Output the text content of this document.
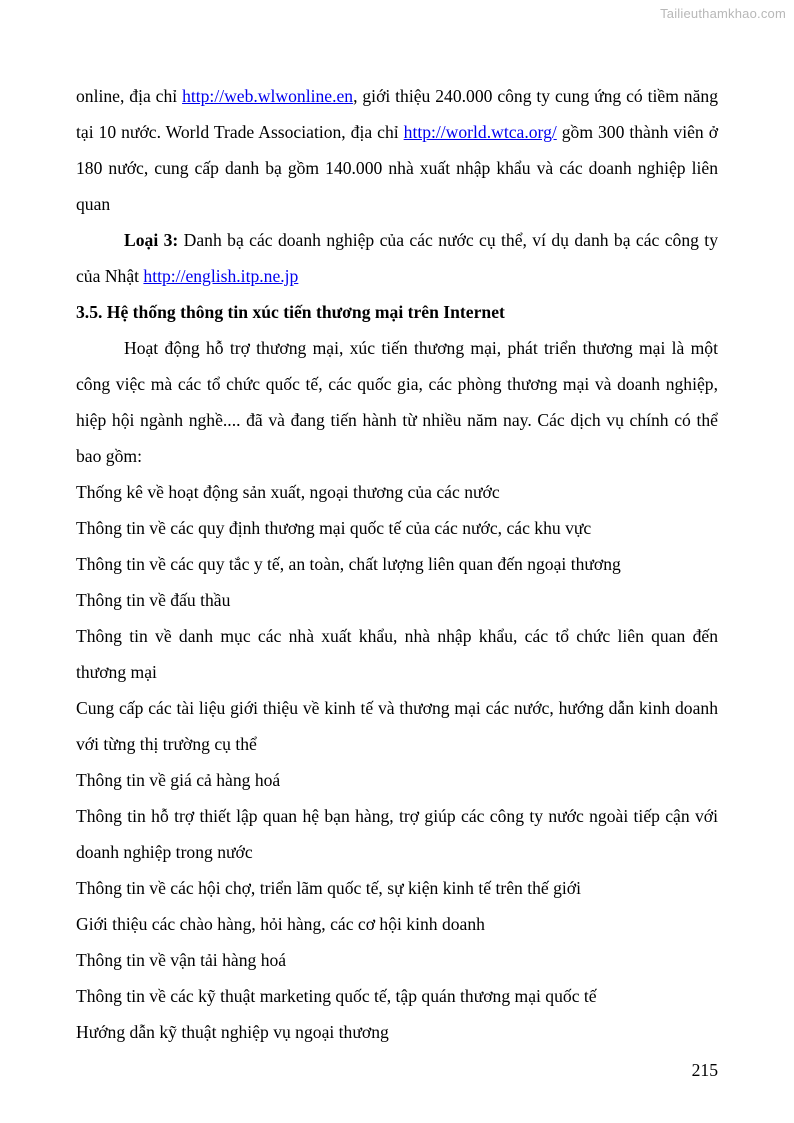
Tailieuthamkhao.com

online, địa chỉ http://web.wlwonline.en, giới thiệu 240.000 công ty cung ứng có tiềm năng tại 10 nước. World Trade Association, địa chỉ http://world.wtca.org/ gồm 300 thành viên ở 180 nước, cung cấp danh bạ gồm 140.000 nhà xuất nhập khẩu và các doanh nghiệp liên quan

Loại 3: Danh bạ các doanh nghiệp của các nước cụ thể, ví dụ danh bạ các công ty của Nhật http://english.itp.ne.jp

3.5. Hệ thống thông tin xúc tiến thương mại trên Internet

Hoạt động hỗ trợ thương mại, xúc tiến thương mại, phát triển thương mại là một công việc mà các tổ chức quốc tế, các quốc gia, các phòng thương mại và doanh nghiệp, hiệp hội ngành nghề.... đã và đang tiến hành từ nhiều năm nay. Các dịch vụ chính có thể bao gồm:

Thống kê về hoạt động sản xuất, ngoại thương của các nước

Thông tin về các quy định thương mại quốc tế của các nước, các khu vực

Thông tin về các quy tắc y tế, an toàn, chất lượng liên quan đến ngoại thương

Thông tin về đấu thầu

Thông tin về danh mục các nhà xuất khẩu, nhà nhập khẩu, các tổ chức liên quan đến thương mại

Cung cấp các tài liệu giới thiệu về kinh tế và thương mại các nước, hướng dẫn kinh doanh với từng thị trường cụ thể

Thông tin về giá cả hàng hoá

Thông tin hỗ trợ thiết lập quan hệ bạn hàng, trợ giúp các công ty nước ngoài tiếp cận với doanh nghiệp trong nước

Thông tin về các hội chợ, triển lãm quốc tế, sự kiện kinh tế trên thế giới

Giới thiệu các chào hàng, hỏi hàng, các cơ hội kinh doanh

Thông tin về vận tải hàng hoá

Thông tin về các kỹ thuật marketing quốc tế, tập quán thương mại quốc tế

Hướng dẫn kỹ thuật nghiệp vụ ngoại thương

215
